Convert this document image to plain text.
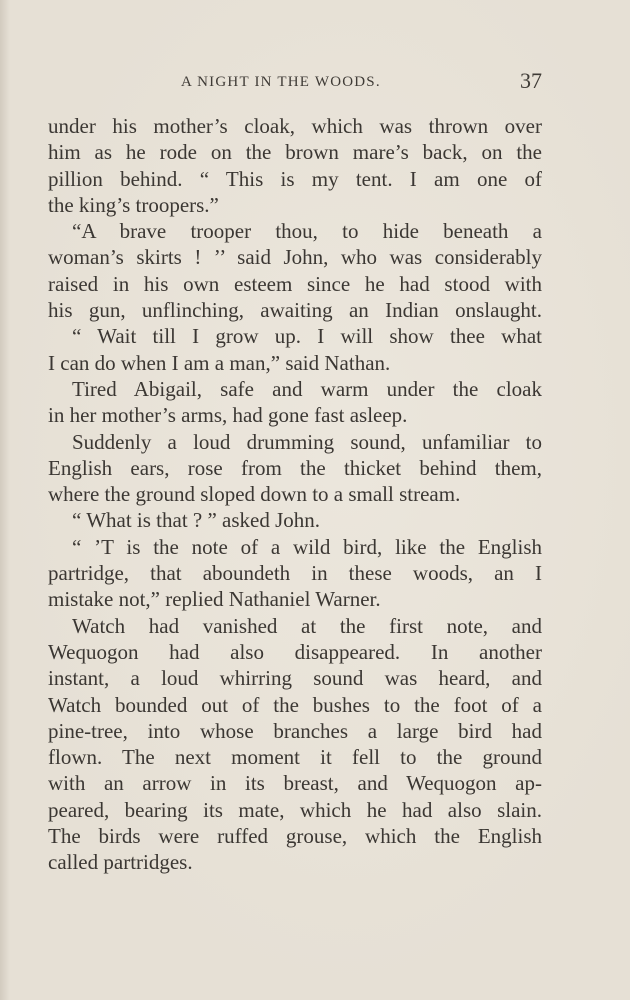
A NIGHT IN THE WOODS.	37
under his mother’s cloak, which was thrown over
him as he rode on the brown mare’s back, on the
pillion behind. “ This is my tent. I am one of
the king’s troopers.”
“A brave trooper thou, to hide beneath a
woman’s skirts ! ’’ said John, who was considerably
raised in his own esteem since he had stood with
his gun, unflinching, awaiting an Indian onslaught.
“ Wait till I grow up. I will show thee what
I can do when I am a man,” said Nathan.
Tired Abigail, safe and warm under the cloak
in her mother’s arms, had gone fast asleep.
Suddenly a loud drumming sound, unfamiliar to
English ears, rose from the thicket behind them,
where the ground sloped down to a small stream.
“ What is that ? ” asked John.
“ ’T is the note of a wild bird, like the English
partridge, that aboundeth in these woods, an I
mistake not,” replied Nathaniel Warner.
Watch had vanished at the first note, and
Wequogon had also disappeared. In another
instant, a loud whirring sound was heard, and
Watch bounded out of the bushes to the foot of a
pine-tree, into whose branches a large bird had
flown. The next moment it fell to the ground
with an arrow in its breast, and Wequogon ap-
peared, bearing its mate, which he had also slain.
The birds were ruffed grouse, which the English
called partridges.
